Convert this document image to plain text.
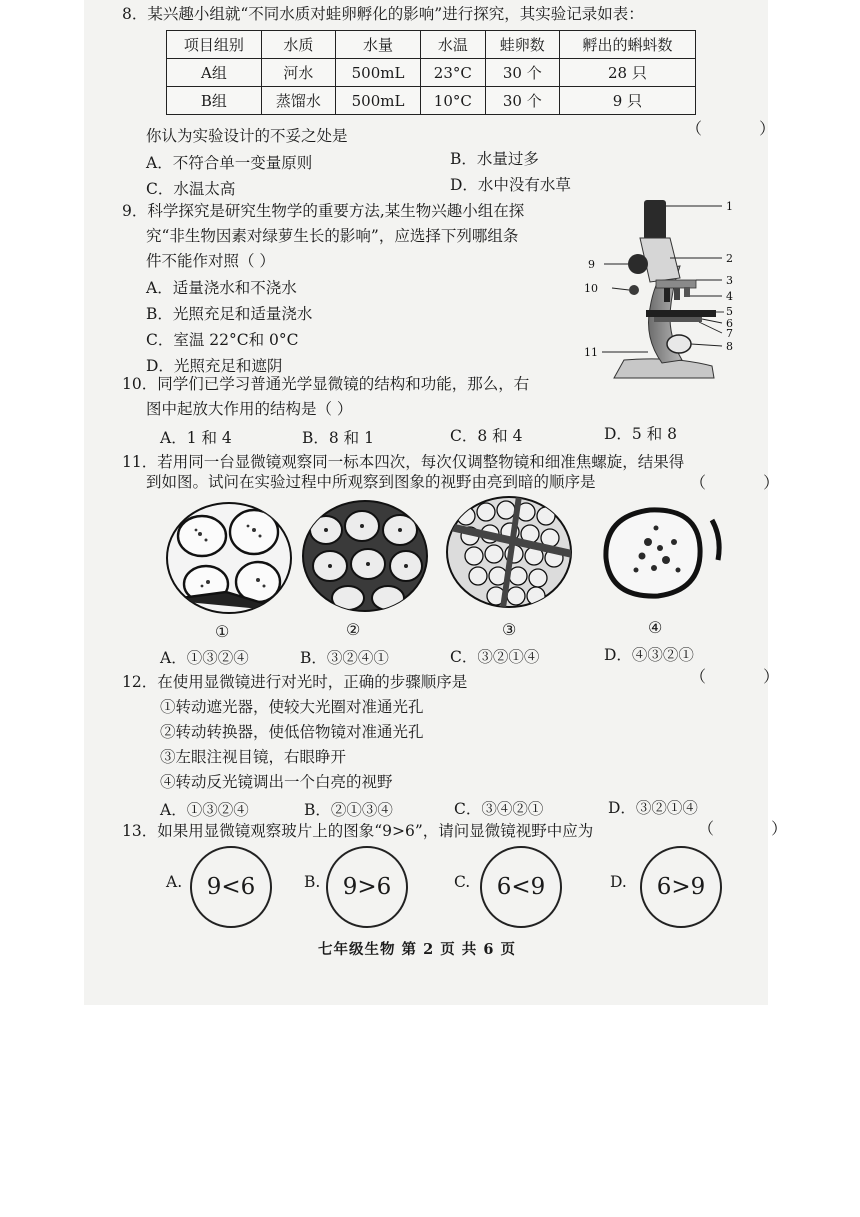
8．某兴趣小组就“不同水质对蛙卵孵化的影响”进行探究，其实验记录如表：
项目组别	水质	水量	水温	蛙卵数	孵出的蝌蚪数
A组	河水	500mL	23°C	30 个	28 只
B组	蒸馏水	500mL	10°C	30 个	9 只
你认为实验设计的不妥之处是	（ ）
A．不符合单一变量原则	B．水量过多
C．水温太高	D．水中没有水草
9．科学探究是研究生物学的重要方法,某生物兴趣小组在探
究“非生物因素对绿萝生长的影响”，应选择下列哪组条
件不能作对照（ ）
A．适量浇水和不浇水
B．光照充足和适量浇水
C．室温 22°C和 0°C
D．光照充足和遮阴
1
2
3
4
5
6
7
8
9
10
11
10．同学们已学习普通光学显微镜的结构和功能，那么，右
图中起放大作用的结构是（ ）
A．1 和 4	B．8 和 1	C．8 和 4	D．5 和 8
11．若用同一台显微镜观察同一标本四次，每次仅调整物镜和细准焦螺旋，结果得
到如图。试问在实验过程中所观察到图象的视野由亮到暗的顺序是	（ ）
①	②	③	④
A．①③②④	B．③②④①	C．③②①④	D．④③②①
12．在使用显微镜进行对光时，正确的步骤顺序是	（ ）
①转动遮光器，使较大光圈对准通光孔
②转动转换器，使低倍物镜对准通光孔
③左眼注视目镜，右眼睁开
④转动反光镜调出一个白亮的视野
A．①③②④	B．②①③④	C．③④②①	D．③②①④
13．如果用显微镜观察玻片上的图象“9>6”，请问显微镜视野中应为	（ ）
A.	9<6	B. 9>6	C.	6<9	D.	6>9
七年级生物 第 2 页 共 6 页
